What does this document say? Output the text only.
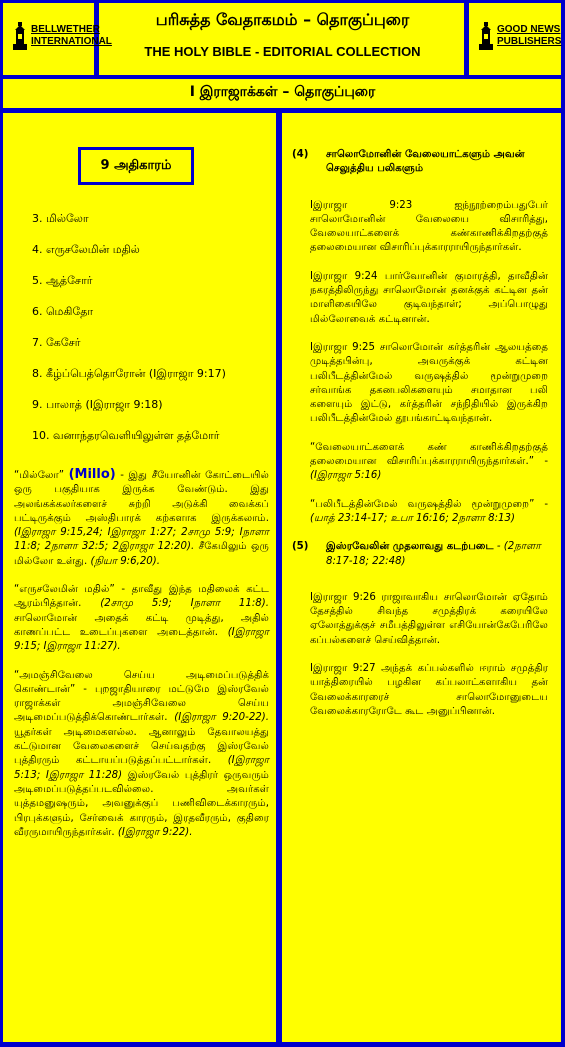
BELLWETHER
INTERNATIONAL
GOOD NEWS
PUBLISHERS
பரிசுத்த வேதாகமம் – தொகுப்புரை
THE HOLY BIBLE - EDITORIAL COLLECTION
I இராஜாக்கள் – தொகுப்புரை
9 அதிகாரம்
3. மில்லோ
4. எருசலேமின் மதில்
5. ஆத்சோர்
6. மெகிதோ
7. கேசேர்
8. கீழ்ப்பெத்தொரோன் (Iஇராஜா 9:17)
9. பாலாத் (Iஇராஜா 9:18)
10. வனாந்தரவெளியிலுள்ள தத்மோர்

“மில்லோ” (Millo) - இது சீயோனின் கோட்டையில் ஒரு பகுதியாக இருக்க வேண்டும். இது அலங்கக்கலர்களைச் சுற்றி அடுக்கி வைக்கப் பட்டிருக்கும் அஸ்திபாரக் கற்களாக இருக்கலாம். (Iஇராஜா 9:15,24; Iஇராஜா 1:27; 2சாமு 5:9; Iநாளா 11:8; 2நாளா 32:5; 2இராஜா 12:20). சீகேமிலும் ஒரு மில்லோ உள்து. (நியா 9:6,20).

“எருசலேமின் மதில்” - தாவீது இந்த மதிலைக் கட்ட ஆரம்பித்தான். (2சாமு 5:9; Iநாளா 11:8). சாலொமோன் அதைக் கட்டி முடித்து, அதில் காணப்பட்ட உடைப்புகளை அடைத்தான். (Iஇராஜா 9:15; Iஇராஜா 11:27).

“அமஞ்சிவேலை செய்ய அடிமைப்படுத்திக் கொண்டான்” - புறஜாதியாரை மட்டுமே இஸ்ரவேல் ராஜாக்கள் அமஞ்சிவேலை செய்ய அடிமைப்படுத்திக்கொண்டார்கள். (Iஇராஜா 9:20-22). யூதர்கள் அடிமைகளல்ல. ஆனாலும் தேவாலயத்து கட்டுமான வேலைகளைச் செய்வதற்கு இஸ்ரவேல் புத்திரரும் கட்டாயப்படுத்தப்பட்டார்கள். (Iஇராஜா 5:13; Iஇராஜா 11:28) இஸ்ரவேல் புத்திரர் ஒருவரும் அடிமைப்படுத்தப்படவில்லை. அவர்கள் யுத்தமனுஷரும், அவனுக்குப் பணிவிடைக்காரரும், பிரபுக்களும், சேர்வைக் காரரும், இரதவீரரும், குதிரை வீரருமாயிருந்தார்கள். (Iஇராஜா 9:22).

(4)	சாலொமோனின் வேலையாட்களும் அவன் செலுத்திய பலிகளும்

Iஇராஜா 9:23 ஐந்நூற்றைம்பதுபேர் சாலொமோனின் வேலையை விசாரித்து, வேலையாட்களைக் கண்காணிக்கிறதற்குத் தலைமையான விசாரிப்புக்காரராயிருந்தார்கள்.

Iஇராஜா 9:24 பார்வோனின் குமாரத்தி, தாவீதின் நகரத்திலிருந்து சாலொமோன் தனக்குக் கட்டின தன் மாளிகையிலே குடிவந்தாள்; அப்பொழுது மில்லோவைக் கட்டினான்.

Iஇராஜா 9:25 சாலொமோன் கர்த்தரின் ஆலயத்தை முடித்தபின்பு, அவருக்குக் கட்டின பலிபீடத்தின்மேல் வருஷத்தில் மூன்றுமுறை சர்வாங்க தகனபலிகளையும் சமாதான பலி களையும் இட்டு, கர்த்தரின் சந்நிதியில் இருக்கிற பலிபீடத்தின்மேல் தூபங்காட்டிவந்தான்.

“வேலையாட்களைக் கண் காணிக்கிறதற்குத் தலைமையான விசாரிப்புக்காரராயிருந்தார்கள்.” - (Iஇராஜா 5:16)

“பலிபீடத்தின்மேல் வருஷத்தில் மூன்றுமுறை” - (யாத் 23:14-17; உபா 16:16; 2நாளா 8:13)

(5)	இஸ்ரவேலின் முதலாவது கடற்படை - (2நாளா 8:17-18; 22:48)

Iஇராஜா 9:26 ராஜாவாகிய சாலொமோன் ஏதோம் தேசத்தில் சிவந்த சமுத்திரக் கரையிலே ஏலோத்துக்குச் சமீபத்திலுள்ள எசியோன்கேபேரிலே கப்பல்களைச் செய்வித்தான்.

Iஇராஜா 9:27 அந்தக் கப்பல்களில் ஈராம் சமுத்திர யாத்திரையில் பழகின கப்பலாட்களாகிய தன் வேலைக்காரரைச் சாலொமோனுடைய வேலைக்காரரோடே கூட அனுப்பினான்.
